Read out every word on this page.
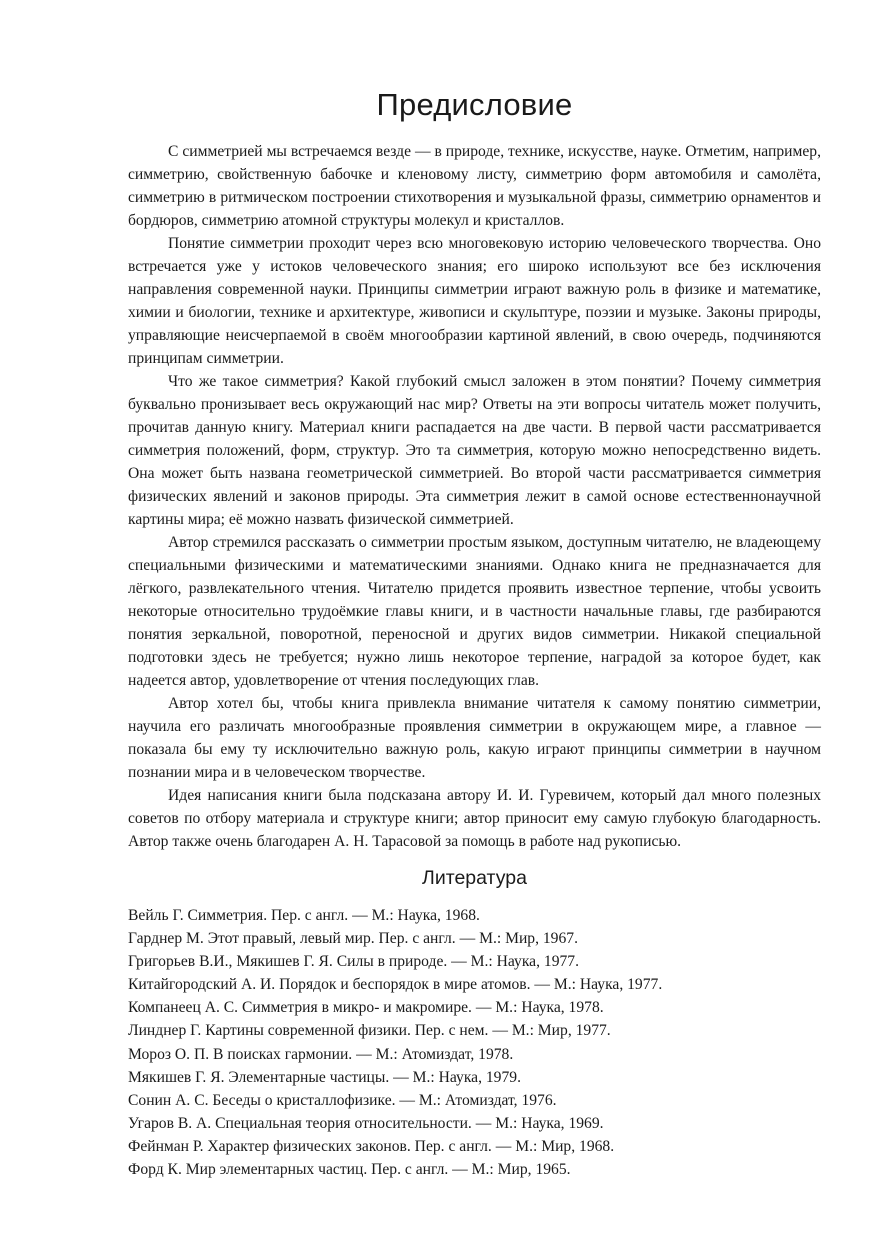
Предисловие

С симметрией мы встречаемся везде — в природе, технике, искусстве, науке. Отметим, например, симметрию, свойственную бабочке и кленовому листу, симметрию форм автомобиля и самолёта, симметрию в ритмическом построении стихотворения и музыкальной фразы, симметрию орнаментов и бордюров, симметрию атомной структуры молекул и кристаллов.

Понятие симметрии проходит через всю многовековую историю человеческого творчества. Оно встречается уже у истоков человеческого знания; его широко используют все без исключения направления современной науки. Принципы симметрии играют важную роль в физике и математике, химии и биологии, технике и архитектуре, живописи и скульптуре, поэзии и музыке. Законы природы, управляющие неисчерпаемой в своём многообразии картиной явлений, в свою очередь, подчиняются принципам симметрии.

Что же такое симметрия? Какой глубокий смысл заложен в этом понятии? Почему симметрия буквально пронизывает весь окружающий нас мир? Ответы на эти вопросы читатель может получить, прочитав данную книгу. Материал книги распадается на две части. В первой части рассматривается симметрия положений, форм, структур. Это та симметрия, которую можно непосредственно видеть. Она может быть названа геометрической симметрией. Во второй части рассматривается симметрия физических явлений и законов природы. Эта симметрия лежит в самой основе естественнонаучной картины мира; её можно назвать физической симметрией.

Автор стремился рассказать о симметрии простым языком, доступным читателю, не владеющему специальными физическими и математическими знаниями. Однако книга не предназначается для лёгкого, развлекательного чтения. Читателю придется проявить известное терпение, чтобы усвоить некоторые относительно трудоёмкие главы книги, и в частности начальные главы, где разбираются понятия зеркальной, поворотной, переносной и других видов симметрии. Никакой специальной подготовки здесь не требуется; нужно лишь некоторое терпение, наградой за которое будет, как надеется автор, удовлетворение от чтения последующих глав.

Автор хотел бы, чтобы книга привлекла внимание читателя к самому понятию симметрии, научила его различать многообразные проявления симметрии в окружающем мире, а главное — показала бы ему ту исключительно важную роль, какую играют принципы симметрии в научном познании мира и в человеческом творчестве.

Идея написания книги была подсказана автору И. И. Гуревичем, который дал много полезных советов по отбору материала и структуре книги; автор приносит ему самую глубокую благодарность. Автор также очень благодарен А. Н. Тарасовой за помощь в работе над рукописью.

Литература
Вейль Г. Симметрия. Пер. с англ. — М.: Наука, 1968.
Гарднер М. Этот правый, левый мир. Пер. с англ. — М.: Мир, 1967.
Григорьев В.И., Мякишев Г. Я. Силы в природе. — М.: Наука, 1977.
Китайгородский А. И. Порядок и беспорядок в мире атомов. — М.: Наука, 1977.
Компанеец А. С. Симметрия в микро- и макромире. — М.: Наука, 1978.
Линднер Г. Картины современной физики. Пер. с нем. — М.: Мир, 1977.
Мороз О. П. В поисках гармонии. — М.: Атомиздат, 1978.
Мякишев Г. Я. Элементарные частицы. — М.: Наука, 1979.
Сонин А. С. Беседы о кристаллофизике. — М.: Атомиздат, 1976.
Угаров В. А. Специальная теория относительности. — М.: Наука, 1969.
Фейнман Р. Характер физических законов. Пер. с англ. — М.: Мир, 1968.
Форд К. Мир элементарных частиц. Пер. с англ. — М.: Мир, 1965.
